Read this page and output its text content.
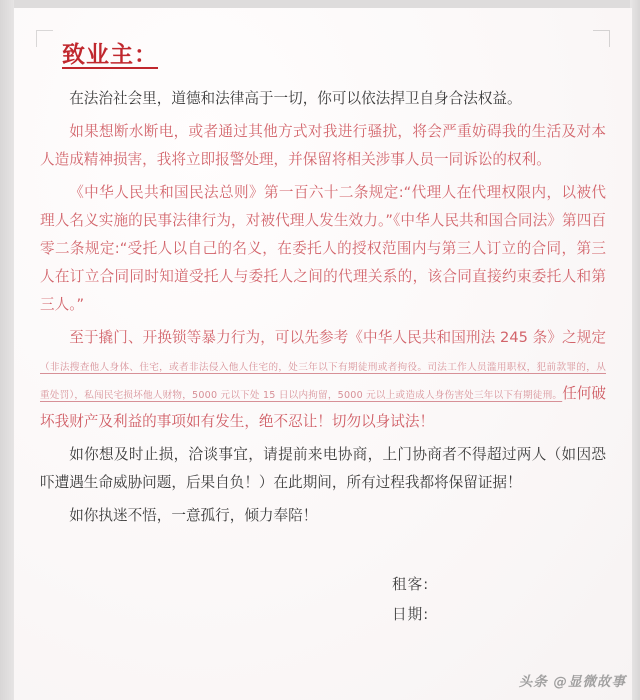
致业主：

在法治社会里，道德和法律高于一切，你可以依法捍卫自身合法权益。

如果想断水断电，或者通过其他方式对我进行骚扰，将会严重妨碍我的生活及对本人造成精神损害，我将立即报警处理，并保留将相关涉事人员一同诉讼的权利。

《中华人民共和国民法总则》第一百六十二条规定:“代理人在代理权限内，以被代理人名义实施的民事法律行为，对被代理人发生效力。”《中华人民共和国合同法》第四百零二条规定:“受托人以自己的名义，在委托人的授权范围内与第三人订立的合同，第三人在订立合同同时知道受托人与委托人之间的代理关系的，该合同直接约束委托人和第三人。”

至于撬门、开换锁等暴力行为，可以先参考《中华人民共和国刑法 245 条》之规定（非法搜查他人身体、住宅，或者非法侵入他人住宅的，处三年以下有期徒刑或者拘役。司法工作人员滥用职权，犯前款罪的，从重处罚），私闯民宅损坏他人财物，5000 元以下处 15 日以内拘留，5000 元以上或造成人身伤害处三年以下有期徒刑。任何破坏我财产及利益的事项如有发生，绝不忍让！切勿以身试法！

如你想及时止损，洽谈事宜，请提前来电协商，上门协商者不得超过两人（如因恐吓遭遇生命威胁问题，后果自负！）在此期间，所有过程我都将保留证据！

如你执迷不悟，一意孤行，倾力奉陪！

租客:
日期:
头条 @显微故事
